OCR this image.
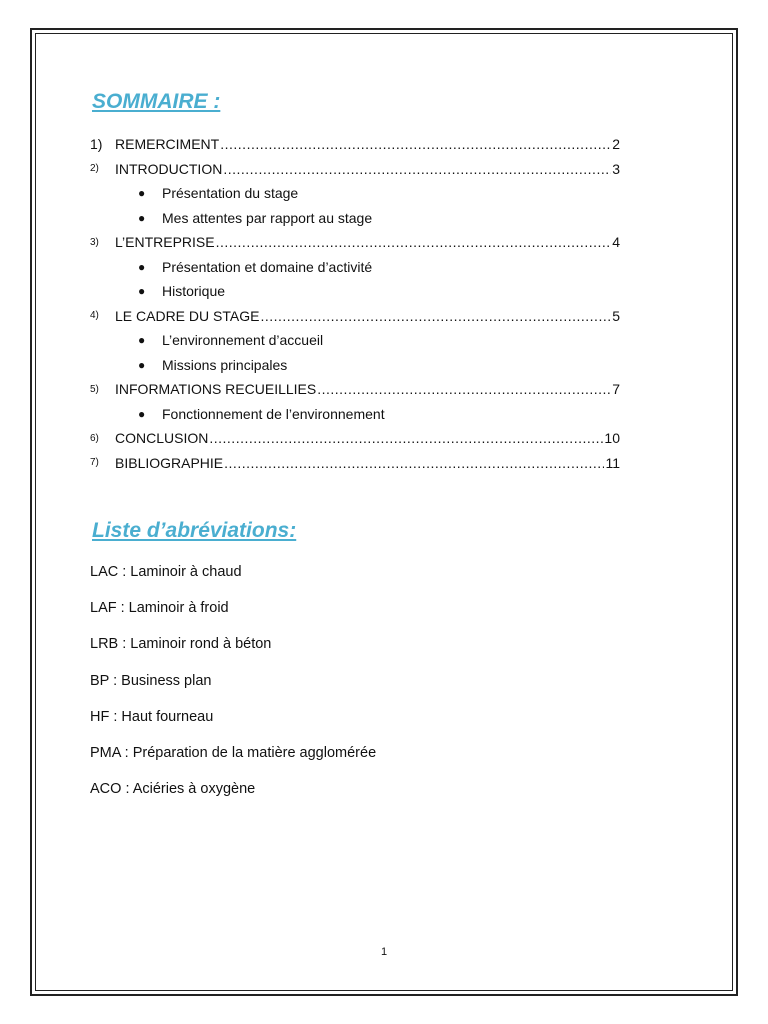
SOMMAIRE :
1) REMERCIMENT .....	2
2)	INTRODUCTION .....	3
●	Présentation du stage
●	Mes attentes par rapport au stage
3)	L’ENTREPRISE .....	4
●	Présentation et domaine d’activité
●	Historique
4)	LE CADRE DU STAGE .....	5
●	L’environnement d’accueil
●	Missions principales
5)	INFORMATIONS RECUEILLIES .....	7
●	Fonctionnement de l’environnement
6)	CONCLUSION .....	10
7)	BIBLIOGRAPHIE .....	11
Liste d’abréviations:
LAC : Laminoir à chaud
LAF : Laminoir à froid
LRB : Laminoir rond à béton
BP : Business plan
HF : Haut fourneau
PMA : Préparation de la matière agglomérée
ACO : Aciéries à oxygène
1
